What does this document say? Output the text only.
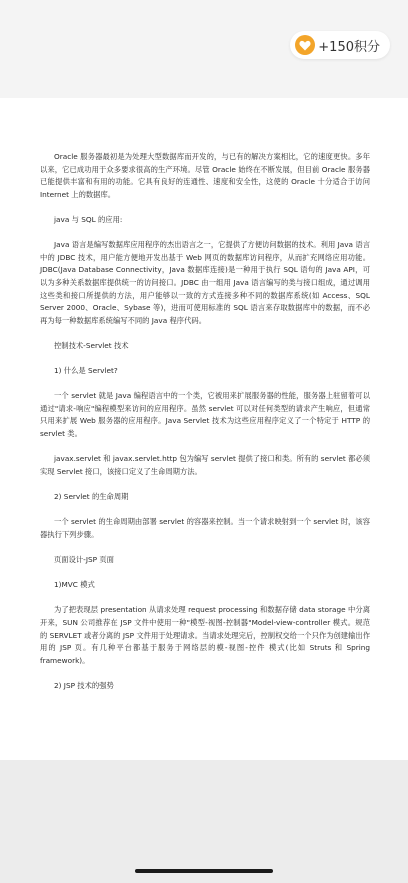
+150积分

Oracle 服务器最初是为处理大型数据库而开发的，与已有的解决方案相比，它的速度更快。多年以来，它已成功用于众多要求很高的生产环境。尽管 Oracle 始终在不断发展，但目前 Oracle 服务器已能提供丰富和有用的功能。它具有良好的连通性、速度和安全性，这使的 Oracle 十分适合于访问 Internet 上的数据库。

java 与 SQL 的应用:

Java 语言是编写数据库应用程序的杰出语言之一，它提供了方便访问数据的技术。利用 Java 语言中的 JDBC 技术，用户能方便地开发出基于 Web 网页的数据库访问程序，从而扩充网络应用功能。JDBC(Java Database Connectivity，Java 数据库连接)是一种用于执行 SQL 语句的 Java API，可以为多种关系数据库提供统一的访问接口。JDBC 由一组用 Java 语言编写的类与接口组成，通过调用这些类和接口所提供的方法，用户能够以一致的方式连接多种不同的数据库系统(如 Access、SQL Server 2000、Oracle、Sybase 等)，进而可使用标准的 SQL 语言来存取数据库中的数据，而不必再为每一种数据库系统编写不同的 Java 程序代码。

控制技术-Servlet 技术

1) 什么是 Servlet?

一个 servlet 就是 Java 编程语言中的一个类，它被用来扩展服务器的性能，服务器上驻留着可以通过"请求-响应"编程模型来访问的应用程序。虽然 servlet 可以对任何类型的请求产生响应，但通常只用来扩展 Web 服务器的应用程序。Java Servlet 技术为这些应用程序定义了一个特定于 HTTP 的 servlet 类。

javax.servlet 和 javax.servlet.http 包为编写 servlet 提供了接口和类。所有的 servlet 都必须实现 Servlet 接口，该接口定义了生命周期方法。

2) Servlet 的生命周期

一个 servlet 的生命周期由部署 servlet 的容器来控制。当一个请求映射到一个 servlet 时，该容器执行下列步骤。

页面设计-JSP 页面

1)MVC 模式

为了把表现层 presentation 从请求处理 request processing 和数据存储 data storage 中分离开来，SUN 公司推荐在 JSP 文件中使用一种"模型-视图-控制器"Model-view-controller 模式。规范的 SERVLET 或者分离的 JSP 文件用于处理请求。当请求处理完后，控制权交给一个只作为创建输出作用的 JSP 页。有几种平台都基于服务于网络层的模-视图-控件 模式(比如 Struts 和 Spring framework)。

2) JSP 技术的强势
